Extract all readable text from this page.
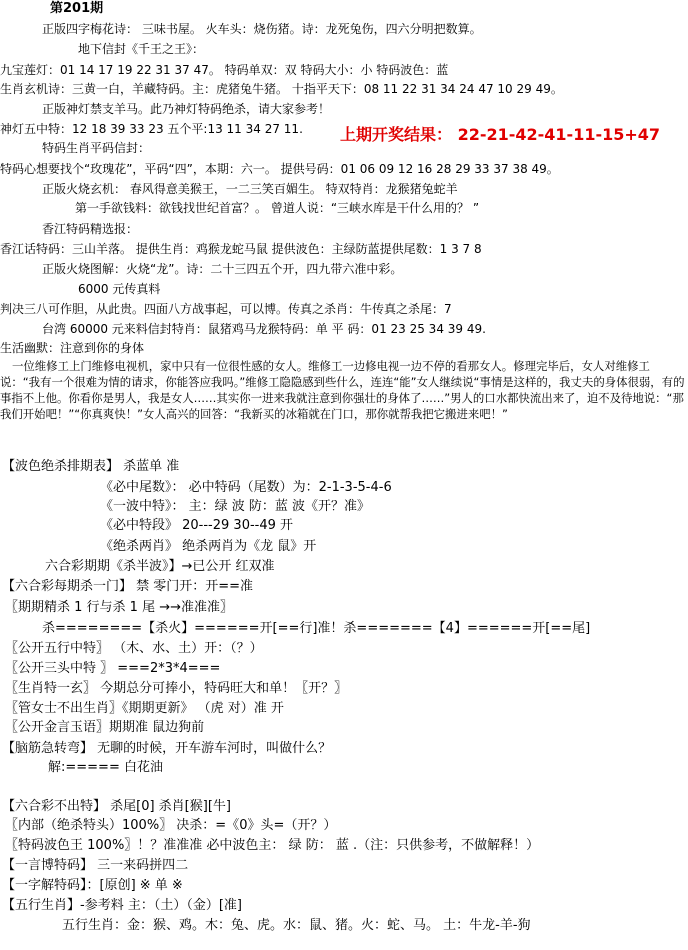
第201期
正版四字梅花诗： 三味书屋。 火车头：烧伤猪。诗：龙死兔伤，四六分明把数算。
地下信封《千王之王》：
九宝莲灯：01 14 17 19 22 31 37 47。 特码单双：双 特码大小：小 特码波色：蓝
生肖玄机诗：三黄一白，羊藏特码。主：虎猪兔牛猪。 十指平天下：08 11 22 31 34 24 47 10 29 49。
正版神灯禁支羊马。此乃神灯特码绝杀，请大家参考！
神灯五中特：12 18 39 33 23 五个平:13 11 34 27 11. 上期开奖结果： 22-21-42-41-11-15+47
特码生肖平码信封：
特码心想要找个“玫瑰花”，平码“四”，本期：六一。 提供号码：01 06 09 12 16 28 29 33 37 38 49。
正版火烧玄机： 春风得意美猴王，一二三笑百媚生。 特双特肖：龙猴猪兔蛇羊
第一手欲钱料：欲钱找世纪首富？。 曾道人说：“三峡水库是干什么用的？ ”
香江特码精选报：
香江话特码：三山羊落。 提供生肖：鸡猴龙蛇马鼠 提供波色：主绿防蓝提供尾数：1 3 7 8
正版火烧图解：火烧“龙”。诗：二十三四五个开，四九带六准中彩。
6000 元传真料
判决三八可作胆，从此贵。四面八方战事起，可以博。传真之杀肖：牛传真之杀尾：7
台湾 60000 元来料信封特肖：鼠猪鸡马龙猴特码：单 平 码：01 23 25 34 39 49.
生活幽默：注意到你的身体
一位维修工上门维修电视机，家中只有一位很性感的女人。维修工一边修电视一边不停的看那女人。修理完毕后，女人对维修工说：“我有一个很难为情的请求，你能答应我吗。”维修工隐隐感到些什么，连连“能”女人继续说“事情是这样的，我丈夫的身体很弱，有的事指不上他。你看你是男人，我是女人……其实你一进来我就注意到你强壮的身体了……”男人的口水都快流出来了，迫不及待地说：“那我们开始吧！”“你真爽快！”女人高兴的回答：“我新买的冰箱就在门口，那你就帮我把它搬进来吧！”
【波色绝杀排期表】 杀蓝单 准
《必中尾数》： 必中特码（尾数）为：2-1-3-5-4-6
《一波中特》： 主：绿 波 防：蓝 波《开？准》
《必中特段》 20---29 30--49 开
《绝杀两肖》 绝杀两肖为《龙 鼠》开
六合彩期期《杀半波》】→已公开 红双准
【六合彩每期杀一门】 禁 零门开：开==准
〖期期精杀 1 行与杀 1 尾 →→准准准〗
杀========【杀火】======开[==行]准！杀=======【4】======开[==尾]
〖公开五行中特〗 （木、水、土）开：（？）
〖公开三头中特 〗 ===2*3*4===
〖生肖特一玄〗 今期总分可捧小，特码旺大和单！〖开？〗
〖管女士不出生肖〗《期期更新》 （虎 对）准 开
〖公开金言玉语〗期期准 鼠边狗前
【脑筋急转弯】 无聊的时候，开车游车河时，叫做什么？
解:===== 白花油
【六合彩不出特】 杀尾[0] 杀肖[猴][牛]
〖内部（绝杀特头）100%〗 决杀：=《0》头=（开？）
〖特码波色王 100%〗！？准准准 必中波色主： 绿 防： 蓝 .（注：只供参考，不做解释！）
【一言博特码】 三一来码拼四二
【一字解特码】：[原创] ※ 单 ※
【五行生肖】-参考料 主：（土）（金）[准]
五行生肖：金：猴、鸡。木：兔、虎。水：鼠、猪。火：蛇、马。 土：牛龙-羊-狗
